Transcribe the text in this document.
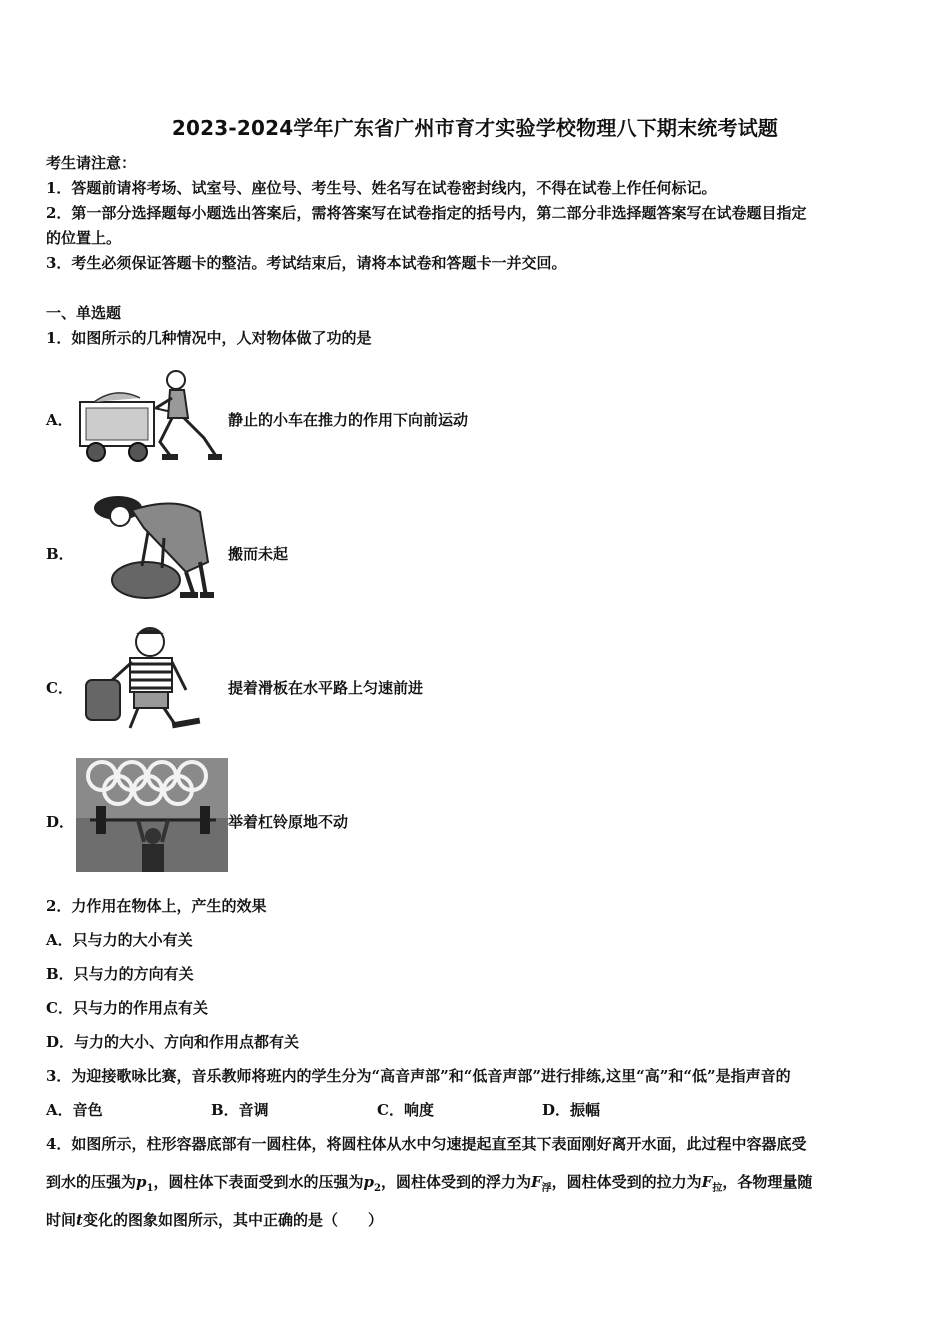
2023-2024学年广东省广州市育才实验学校物理八下期末统考试题
考生请注意：
1．答题前请将考场、试室号、座位号、考生号、姓名写在试卷密封线内，不得在试卷上作任何标记。
2．第一部分选择题每小题选出答案后，需将答案写在试卷指定的括号内，第二部分非选择题答案写在试卷题目指定
的位置上。
3．考生必须保证答题卡的整洁。考试结束后，请将本试卷和答题卡一并交回。
一、单选题
1．如图所示的几种情况中，人对物体做了功的是
A．	静止的小车在推力的作用下向前运动
B．	搬而未起
C．	提着滑板在水平路上匀速前进
D．	举着杠铃原地不动
2．力作用在物体上，产生的效果
A．只与力的大小有关
B．只与力的方向有关
C．只与力的作用点有关
D．与力的大小、方向和作用点都有关
3．为迎接歌咏比赛，音乐教师将班内的学生分为“高音声部”和“低音声部”进行排练,这里“高”和“低”是指声音的
A．音色	B．音调	C．响度	D．振幅
4．如图所示，柱形容器底部有一圆柱体，将圆柱体从水中匀速提起直至其下表面刚好离开水面，此过程中容器底受
到水的压强为$p_1$，圆柱体下表面受到水的压强为$p_2$，圆柱体受到的浮力为$F_浮$，圆柱体受到的拉力为$F_拉$，各物理量随
时间t变化的图象如图所示，其中正确的是（　　）
